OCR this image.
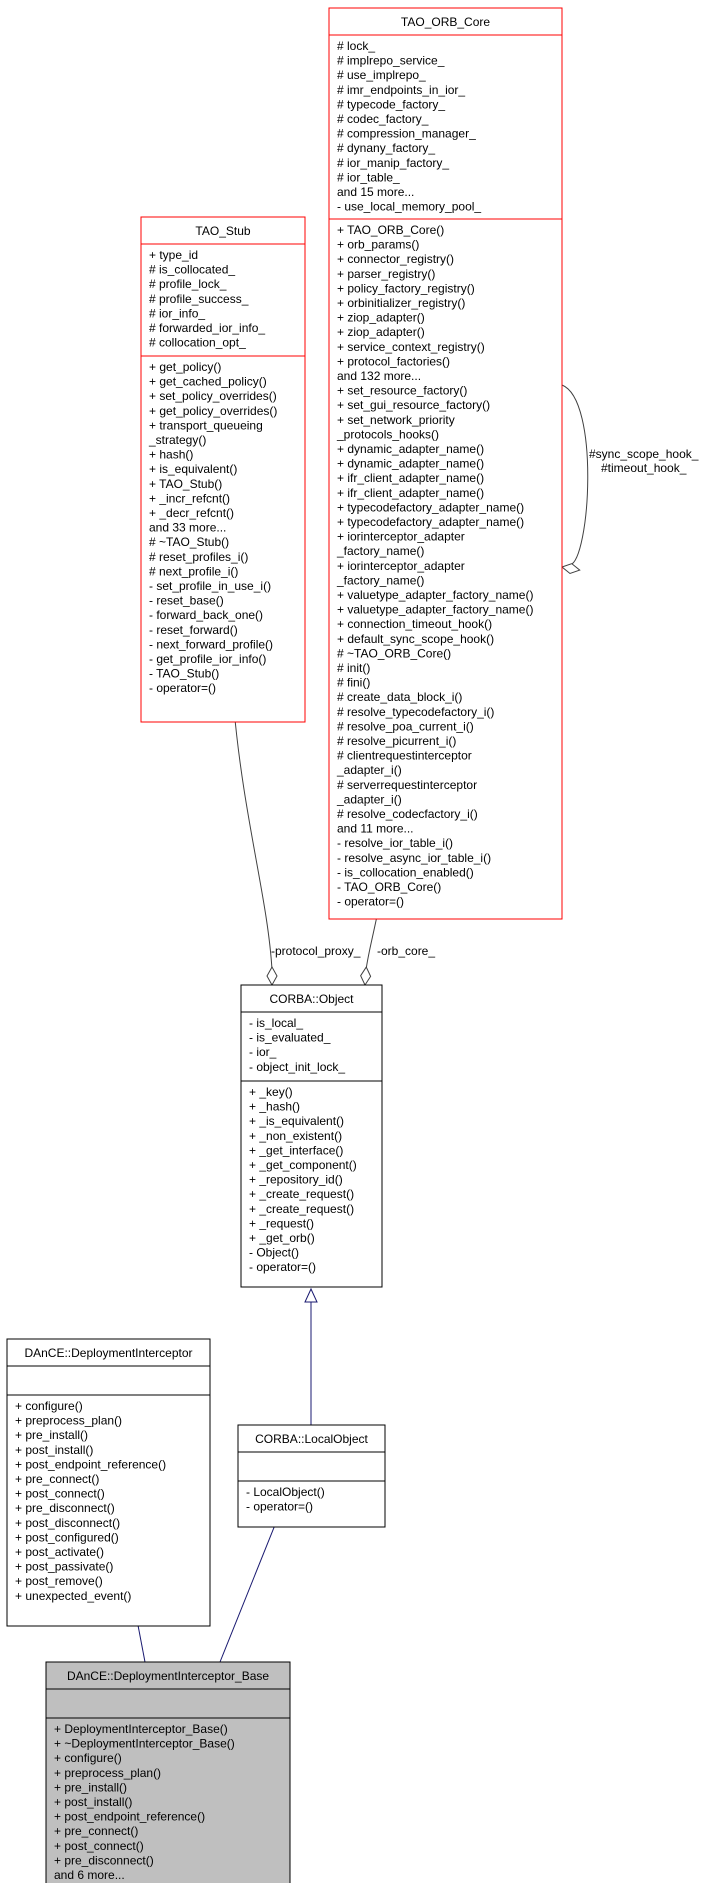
TAO_ORB_Core
# lock_
# implrepo_service_
# use_implrepo_
# imr_endpoints_in_ior_
# typecode_factory_
# codec_factory_
# compression_manager_
# dynany_factory_
# ior_manip_factory_
# ior_table_
and 15 more...
- use_local_memory_pool_
+ TAO_ORB_Core()
+ orb_params()
+ connector_registry()
+ parser_registry()
+ policy_factory_registry()
+ orbinitializer_registry()
+ ziop_adapter()
+ ziop_adapter()
+ service_context_registry()
+ protocol_factories()
and 132 more...
+ set_resource_factory()
+ set_gui_resource_factory()
+ set_network_priority
_protocols_hooks()
+ dynamic_adapter_name()
+ dynamic_adapter_name()
+ ifr_client_adapter_name()
+ ifr_client_adapter_name()
+ typecodefactory_adapter_name()
+ typecodefactory_adapter_name()
+ iorinterceptor_adapter
_factory_name()
+ iorinterceptor_adapter
_factory_name()
+ valuetype_adapter_factory_name()
+ valuetype_adapter_factory_name()
+ connection_timeout_hook()
+ default_sync_scope_hook()
# ~TAO_ORB_Core()
# init()
# fini()
# create_data_block_i()
# resolve_typecodefactory_i()
# resolve_poa_current_i()
# resolve_picurrent_i()
# clientrequestinterceptor
_adapter_i()
# serverrequestinterceptor
_adapter_i()
# resolve_codecfactory_i()
and 11 more...
- resolve_ior_table_i()
- resolve_async_ior_table_i()
- is_collocation_enabled()
- TAO_ORB_Core()
- operator=()
TAO_Stub
+ type_id
# is_collocated_
# profile_lock_
# profile_success_
# ior_info_
# forwarded_ior_info_
# collocation_opt_
+ get_policy()
+ get_cached_policy()
+ set_policy_overrides()
+ get_policy_overrides()
+ transport_queueing
_strategy()
+ hash()
+ is_equivalent()
+ TAO_Stub()
+ _incr_refcnt()
+ _decr_refcnt()
and 33 more...
# ~TAO_Stub()
# reset_profiles_i()
# next_profile_i()
- set_profile_in_use_i()
- reset_base()
- forward_back_one()
- reset_forward()
- next_forward_profile()
- get_profile_ior_info()
- TAO_Stub()
- operator=()
CORBA::Object
- is_local_
- is_evaluated_
- ior_
- object_init_lock_
+ _key()
+ _hash()
+ _is_equivalent()
+ _non_existent()
+ _get_interface()
+ _get_component()
+ _repository_id()
+ _create_request()
+ _create_request()
+ _request()
+ _get_orb()
- Object()
- operator=()
DAnCE::DeploymentInterceptor
+ configure()
+ preprocess_plan()
+ pre_install()
+ post_install()
+ post_endpoint_reference()
+ pre_connect()
+ post_connect()
+ pre_disconnect()
+ post_disconnect()
+ post_configured()
+ post_activate()
+ post_passivate()
+ post_remove()
+ unexpected_event()
CORBA::LocalObject
- LocalObject()
- operator=()
DAnCE::DeploymentInterceptor_Base
+ DeploymentInterceptor_Base()
+ ~DeploymentInterceptor_Base()
+ configure()
+ preprocess_plan()
+ pre_install()
+ post_install()
+ post_endpoint_reference()
+ pre_connect()
+ post_connect()
+ pre_disconnect()
and 6 more...
-protocol_proxy_ -orb_core_
#sync_scope_hook_
#timeout_hook_
